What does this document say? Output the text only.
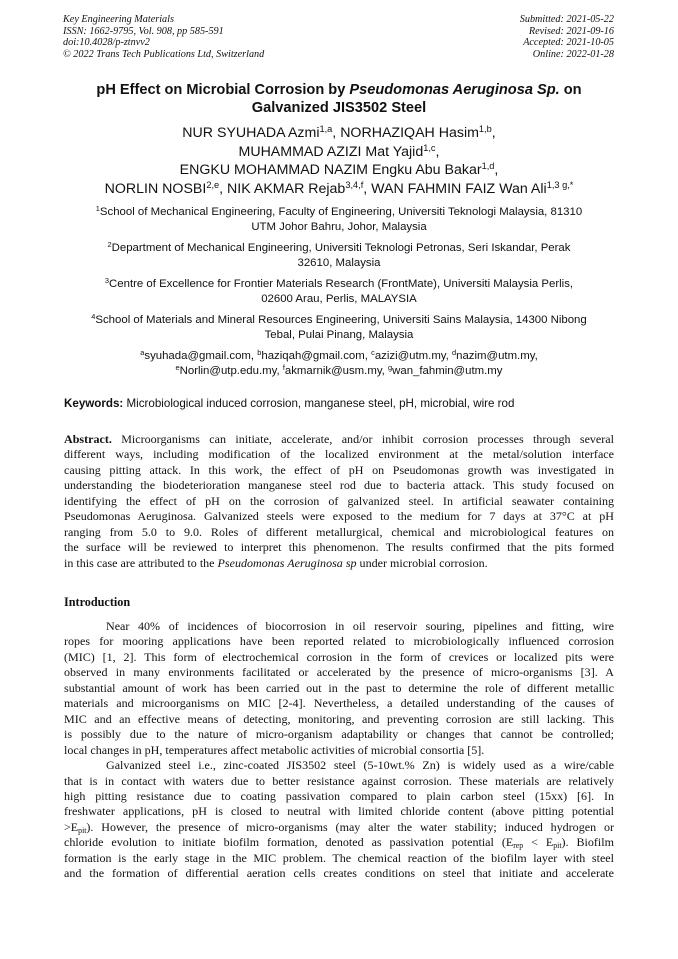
Key Engineering Materials
ISSN: 1662-9795, Vol. 908, pp 585-591
doi:10.4028/p-ztnvv2
© 2022 Trans Tech Publications Ltd, Switzerland
Submitted: 2021-05-22
Revised: 2021-09-16
Accepted: 2021-10-05
Online: 2022-01-28
pH Effect on Microbial Corrosion by Pseudomonas Aeruginosa Sp. on
Galvanized JIS3502 Steel
NUR SYUHADA Azmi$^{1,a}$, NORHAZIQAH Hasim$^{1,b}$,
MUHAMMAD AZIZI Mat Yajid$^{1,c}$,
ENGKU MOHAMMAD NAZIM Engku Abu Bakar$^{1,d}$,
NORLIN NOSBI$^{2,e}$, NIK AKMAR Rejab$^{3,4,f}$, WAN FAHMIN FAIZ Wan Ali$^{1,3 g,*}$
$^1$School of Mechanical Engineering, Faculty of Engineering, Universiti Teknologi Malaysia, 81310
UTM Johor Bahru, Johor, Malaysia
$^2$Department of Mechanical Engineering, Universiti Teknologi Petronas, Seri Iskandar, Perak
32610, Malaysia
$^3$Centre of Excellence for Frontier Materials Research (FrontMate), Universiti Malaysia Perlis,
02600 Arau, Perlis, MALAYSIA
$^4$School of Materials and Mineral Resources Engineering, Universiti Sains Malaysia, 14300 Nibong
Tebal, Pulai Pinang, Malaysia
$^a$syuhada@gmail.com, $^b$haziqah@gmail.com, $^c$azizi@utm.my, $^d$nazim@utm.my,
$^e$Norlin@utp.edu.my, $^f$akmarnik@usm.my, $^g$wan_fahmin@utm.my
Keywords: Microbiological induced corrosion, manganese steel, pH, microbial, wire rod
Abstract. Microorganisms can initiate, accelerate, and/or inhibit corrosion processes through several
different ways, including modification of the localized environment at the metal/solution interface
causing pitting attack. In this work, the effect of pH on Pseudomonas growth was investigated in
understanding the biodeterioration manganese steel rod due to bacteria attack. This study focused on
identifying the effect of pH on the corrosion of galvanized steel. In artificial seawater containing
Pseudomonas Aeruginosa. Galvanized steels were exposed to the medium for 7 days at 37°C at pH
ranging from 5.0 to 9.0. Roles of different metallurgical, chemical and microbiological features on
the surface will be reviewed to interpret this phenomenon. The results confirmed that the pits formed
in this case are attributed to the Pseudomonas Aeruginosa sp under microbial corrosion.
Introduction
Near 40% of incidences of biocorrosion in oil reservoir souring, pipelines and fitting, wire
ropes for mooring applications have been reported related to microbiologically influenced corrosion
(MIC) [1, 2]. This form of electrochemical corrosion in the form of crevices or localized pits were
observed in many environments facilitated or accelerated by the presence of micro-organisms [3]. A
substantial amount of work has been carried out in the past to determine the role of different metallic
materials and microorganisms on MIC [2-4]. Nevertheless, a detailed understanding of the causes of
MIC and an effective means of detecting, monitoring, and preventing corrosion are still lacking. This
is possibly due to the nature of micro-organism adaptability or changes that cannot be controlled;
local changes in pH, temperatures affect metabolic activities of microbial consortia [5].
Galvanized steel i.e., zinc-coated JIS3502 steel (5-10wt.% Zn) is widely used as a wire/cable
that is in contact with waters due to better resistance against corrosion. These materials are relatively
high pitting resistance due to coating passivation compared to plain carbon steel (15xx) [6]. In
freshwater applications, pH is closed to neutral with limited chloride content (above pitting potential
$>E_{pit}$). However, the presence of micro-organisms (may alter the water stability; induced hydrogen or
chloride evolution to initiate biofilm formation, denoted as passivation potential $(E_{rep} < E_{pit})$. Biofilm
formation is the early stage in the MIC problem. The chemical reaction of the biofilm layer with steel
and the formation of differential aeration cells creates conditions on steel that initiate and accelerate
